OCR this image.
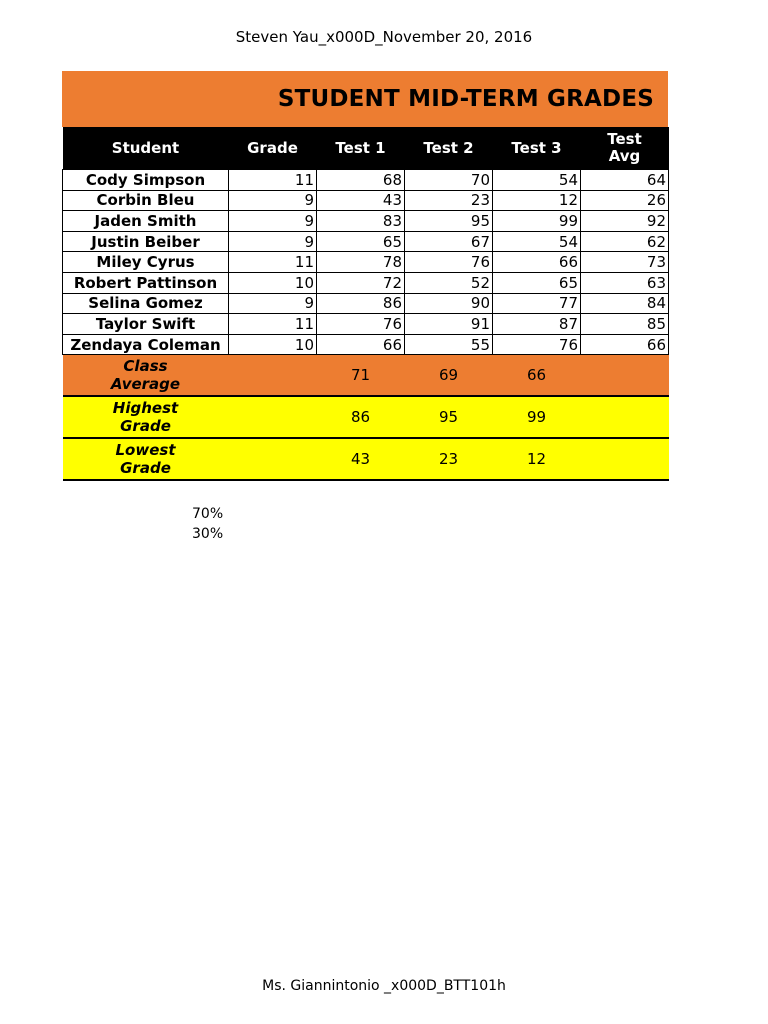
Steven Yau_x000D_November 20, 2016
STUDENT MID-TERM GRADES
Student	Grade	Test 1	Test 2	Test 3	Test Avg
Cody Simpson	11	68	70	54	64
Corbin Bleu	9	43	23	12	26
Jaden Smith	9	83	95	99	92
Justin Beiber	9	65	67	54	62
Miley Cyrus	11	78	76	66	73
Robert Pattinson	10	72	52	65	63
Selina Gomez	9	86	90	77	84
Taylor Swift	11	76	91	87	85
Zendaya Coleman	10	66	55	76	66
Class Average		71	69	66	
Highest Grade		86	95	99	
Lowest Grade		43	23	12	
70%
30%
Ms. Giannintonio _x000D_BTT101h
